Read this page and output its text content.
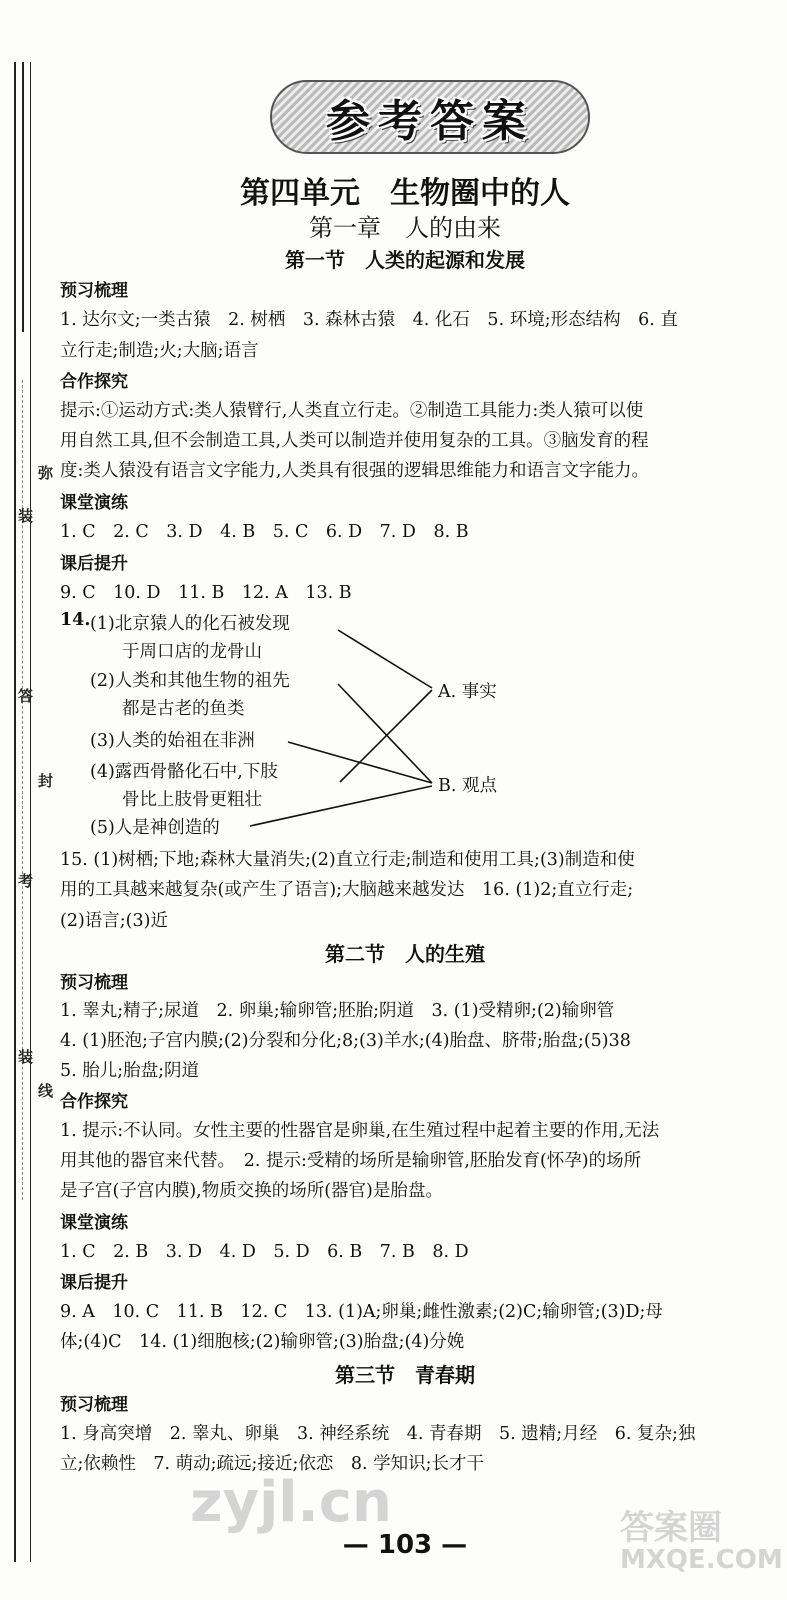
弥
装
答
封
考
线
装
参考答案
第四单元　生物圈中的人
第一章　人的由来
第一节　人类的起源和发展
预习梳理
1. 达尔文;一类古猿　2. 树栖　3. 森林古猿　4. 化石　5. 环境;形态结构　6. 直
立行走;制造;火;大脑;语言
合作探究
提示:①运动方式:类人猿臂行,人类直立行走。②制造工具能力:类人猿可以使
用自然工具,但不会制造工具,人类可以制造并使用复杂的工具。③脑发育的程
度:类人猿没有语言文字能力,人类具有很强的逻辑思维能力和语言文字能力。
课堂演练
1. C　2. C　3. D　4. B　5. C　6. D　7. D　8. B
课后提升
9. C　10. D　11. B　12. A　13. B
14. (1)北京猿人的化石被发现
于周口店的龙骨山
(2)人类和其他生物的祖先
都是古老的鱼类
(3)人类的始祖在非洲
(4)露西骨骼化石中,下肢
骨比上肢骨更粗壮
(5)人是神创造的
A. 事实
B. 观点
15. (1)树栖;下地;森林大量消失;(2)直立行走;制造和使用工具;(3)制造和使
用的工具越来越复杂(或产生了语言);大脑越来越发达　16. (1)2;直立行走;
(2)语言;(3)近
第二节　人的生殖
预习梳理
1. 睾丸;精子;尿道　2. 卵巢;输卵管;胚胎;阴道　3. (1)受精卵;(2)输卵管
4. (1)胚泡;子宫内膜;(2)分裂和分化;8;(3)羊水;(4)胎盘、脐带;胎盘;(5)38
5. 胎儿;胎盘;阴道
合作探究
1. 提示:不认同。女性主要的性器官是卵巢,在生殖过程中起着主要的作用,无法
用其他的器官来代替。　2. 提示:受精的场所是输卵管,胚胎发育(怀孕)的场所
是子宫(子宫内膜),物质交换的场所(器官)是胎盘。
课堂演练
1. C　2. B　3. D　4. D　5. D　6. B　7. B　8. D
课后提升
9. A　10. C　11. B　12. C　13. (1)A;卵巢;雌性激素;(2)C;输卵管;(3)D;母
体;(4)C　14. (1)细胞核;(2)输卵管;(3)胎盘;(4)分娩
第三节　青春期
预习梳理
1. 身高突增　2. 睾丸、卵巢　3. 神经系统　4. 青春期　5. 遗精;月经　6. 复杂;独
立;依赖性　7. 萌动;疏远;接近;依恋　8. 学知识;长才干
zyjl.cn
— 103 —	答案圈
MXQE.COM
